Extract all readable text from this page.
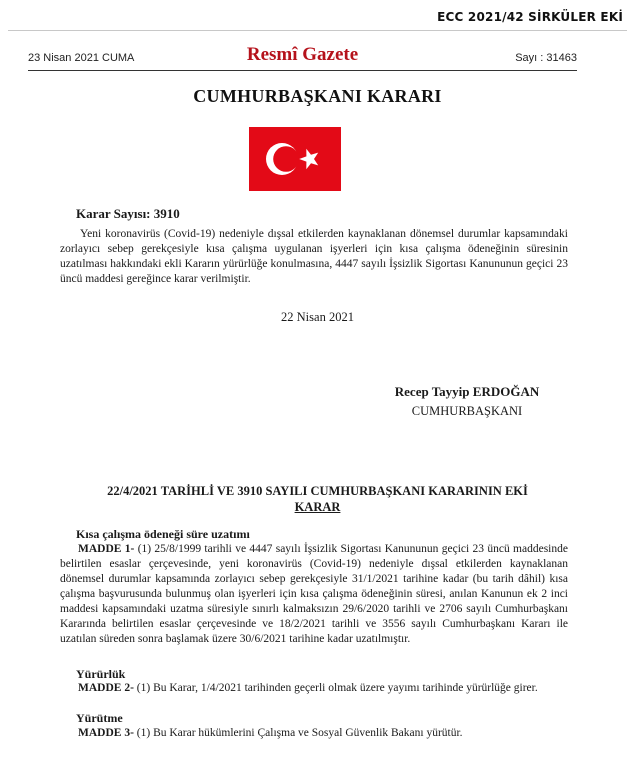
ECC 2021/42 SİRKÜLER EKİ
23 Nisan 2021 CUMA	Resmî Gazete	Sayı : 31463
CUMHURBAŞKANI KARARI
Karar Sayısı: 3910

Yeni koronavirüs (Covid-19) nedeniyle dışsal etkilerden kaynaklanan dönemsel durumlar kapsamındaki zorlayıcı sebep gerekçesiyle kısa çalışma uygulanan işyerleri için kısa çalışma ödeneğinin süresinin uzatılması hakkındaki ekli Kararın yürürlüğe konulmasına, 4447 sayılı İşsizlik Sigortası Kanununun geçici 23 üncü maddesi gereğince karar verilmiştir.

22 Nisan 2021
Recep Tayyip ERDOĞAN
CUMHURBAŞKANI
22/4/2021 TARİHLİ VE 3910 SAYILI CUMHURBAŞKANI KARARININ EKİ
KARAR
Kısa çalışma ödeneği süre uzatımı

MADDE 1- (1) 25/8/1999 tarihli ve 4447 sayılı İşsizlik Sigortası Kanununun geçici 23 üncü maddesinde belirtilen esaslar çerçevesinde, yeni koronavirüs (Covid-19) nedeniyle dışsal etkilerden kaynaklanan dönemsel durumlar kapsamında zorlayıcı sebep gerekçesiyle 31/1/2021 tarihine kadar (bu tarih dâhil) kısa çalışma başvurusunda bulunmuş olan işyerleri için kısa çalışma ödeneğinin süresi, anılan Kanunun ek 2 inci maddesi kapsamındaki uzatma süresiyle sınırlı kalmaksızın 29/6/2020 tarihli ve 2706 sayılı Cumhurbaşkanı Kararında belirtilen esaslar çerçevesinde ve 18/2/2021 tarihli ve 3556 sayılı Cumhurbaşkanı Kararı ile uzatılan süreden sonra başlamak üzere 30/6/2021 tarihine kadar uzatılmıştır.

Yürürlük

MADDE 2- (1) Bu Karar, 1/4/2021 tarihinden geçerli olmak üzere yayımı tarihinde yürürlüğe girer.

Yürütme

MADDE 3- (1) Bu Karar hükümlerini Çalışma ve Sosyal Güvenlik Bakanı yürütür.
